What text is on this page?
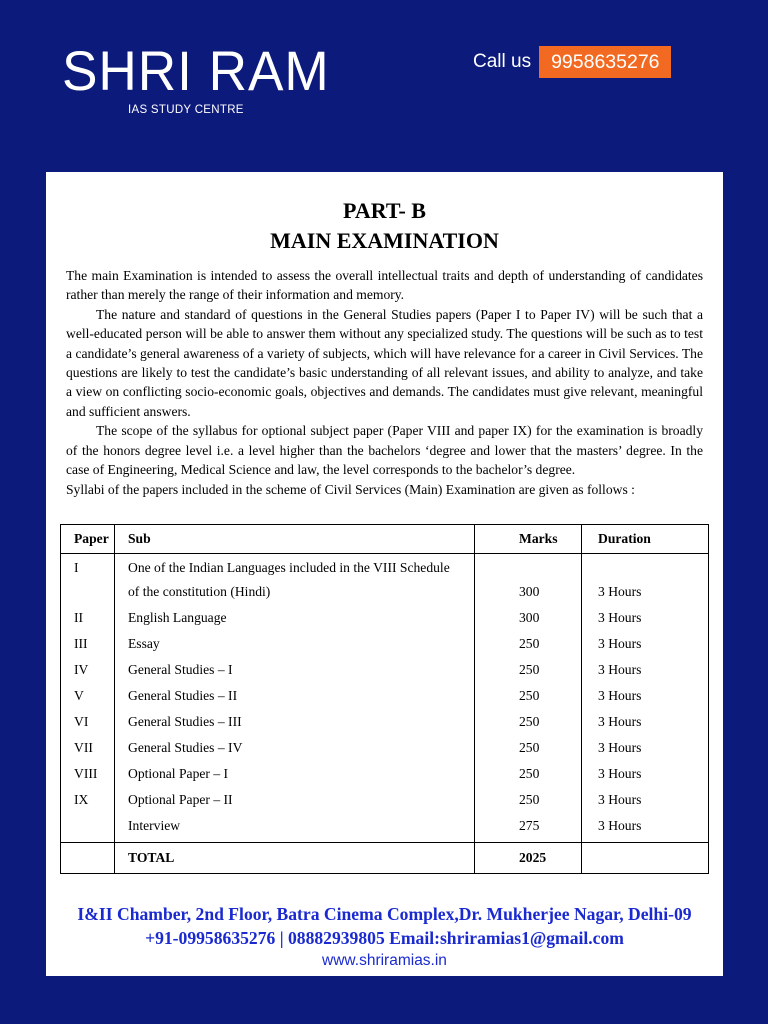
SHRI RAM
IAS STUDY CENTRE
Call us	9958635276
PART- B
MAIN EXAMINATION

The main Examination is intended to assess the overall intellectual traits and depth of understanding of candidates rather than merely the range of their information and memory.

The nature and standard of questions in the General Studies papers (Paper I to Paper IV) will be such that a well-educated person will be able to answer them without any specialized study. The questions will be such as to test a candidate’s general awareness of a variety of subjects, which will have relevance for a career in Civil Services. The questions are likely to test the candidate’s basic understanding of all relevant issues, and ability to analyze, and take a view on conflicting socio-economic goals, objectives and demands. The candidates must give relevant, meaningful and sufficient answers.

The scope of the syllabus for optional subject paper (Paper VIII and paper IX) for the examination is broadly of the honors degree level i.e. a level higher than the bachelors ‘degree and lower that the masters’ degree. In the case of Engineering, Medical Science and law, the level corresponds to the bachelor’s degree.

Syllabi of the papers included in the scheme of Civil Services (Main) Examination are given as follows :

Paper	Sub	Marks	Duration
I	One of the Indian Languages included in the VIII Schedule		
	of the constitution (Hindi)	300	3 Hours
II	English Language	300	3 Hours
III	Essay	250	3 Hours
IV	General Studies – I	250	3 Hours
V	General Studies – II	250	3 Hours
VI	General Studies – III	250	3 Hours
VII	General Studies – IV	250	3 Hours
VIII	Optional Paper – I	250	3 Hours
IX	Optional Paper – II	250	3 Hours
	Interview	275	3 Hours
	TOTAL	2025	
I&II Chamber, 2nd Floor, Batra Cinema Complex,Dr. Mukherjee Nagar, Delhi-09
+91-09958635276 | 08882939805 Email:shriramias1@gmail.com
www.shriramias.in
